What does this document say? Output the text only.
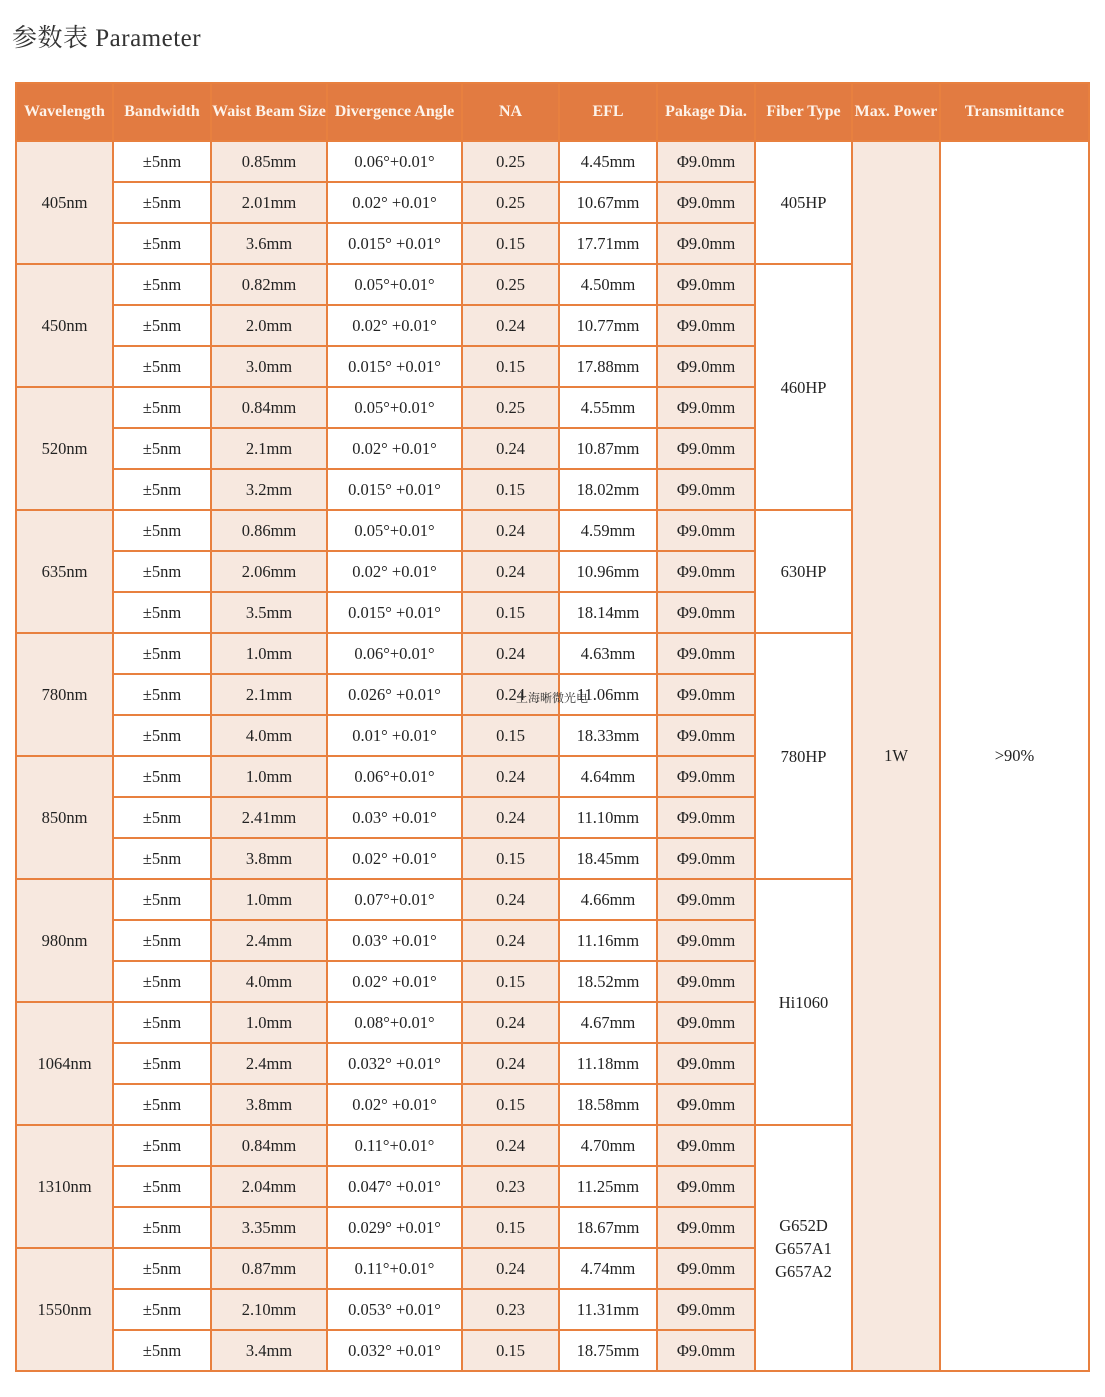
参数表 Parameter
Wavelength	Bandwidth	Waist Beam Size	Divergence Angle	NA	EFL	Pakage Dia.	Fiber Type	Max. Power	Transmittance
405nm	±5nm	0.85mm	0.06°+0.01°	0.25	4.45mm	Φ9.0mm	405HP	1W	>90%
	±5nm	2.01mm	0.02° +0.01°	0.25	10.67mm	Φ9.0mm			
	±5nm	3.6mm	0.015° +0.01°	0.15	17.71mm	Φ9.0mm			
450nm	±5nm	0.82mm	0.05°+0.01°	0.25	4.50mm	Φ9.0mm	460HP		

	±5nm	2.0mm	0.02° +0.01°	0.24	10.77mm	Φ9.0mm			
	±5nm	3.0mm	0.015° +0.01°	0.15	17.88mm	Φ9.0mm			
520nm	±5nm	0.84mm	0.05°+0.01°	0.25	4.55mm	Φ9.0mm			
	±5nm	2.1mm	0.02° +0.01°	0.24	10.87mm	Φ9.0mm			
	±5nm	3.2mm	0.015° +0.01°	0.15	18.02mm	Φ9.0mm			
635nm	±5nm	0.86mm	0.05°+0.01°	0.24	4.59mm	Φ9.0mm	630HP		

	±5nm	2.06mm	0.02° +0.01°	0.24	10.96mm	Φ9.0mm			
	±5nm	3.5mm	0.015° +0.01°	0.15	18.14mm	Φ9.0mm			
780nm	±5nm	1.0mm	0.06°+0.01°	0.24	4.63mm	Φ9.0mm	780HP		

	±5nm	2.1mm	0.026° +0.01°	0.24	11.06mm	Φ9.0mm			
	±5nm	4.0mm	0.01° +0.01°	0.15	18.33mm	Φ9.0mm			
850nm	±5nm	1.0mm	0.06°+0.01°	0.24	4.64mm	Φ9.0mm			
	±5nm	2.41mm	0.03° +0.01°	0.24	11.10mm	Φ9.0mm			
	±5nm	3.8mm	0.02° +0.01°	0.15	18.45mm	Φ9.0mm			
980nm	±5nm	1.0mm	0.07°+0.01°	0.24	4.66mm	Φ9.0mm	Hi1060		

	±5nm	2.4mm	0.03° +0.01°	0.24	11.16mm	Φ9.0mm			
	±5nm	4.0mm	0.02° +0.01°	0.15	18.52mm	Φ9.0mm			
1064nm	±5nm	1.0mm	0.08°+0.01°	0.24	4.67mm	Φ9.0mm			
	±5nm	2.4mm	0.032° +0.01°	0.24	11.18mm	Φ9.0mm			
	±5nm	3.8mm	0.02° +0.01°	0.15	18.58mm	Φ9.0mm			
1310nm	±5nm	0.84mm	0.11°+0.01°	0.24	4.70mm	Φ9.0mm	G652D
G657A1
G657A2		

	±5nm	2.04mm	0.047° +0.01°	0.23	11.25mm	Φ9.0mm			
	±5nm	3.35mm	0.029° +0.01°	0.15	18.67mm	Φ9.0mm			
1550nm	±5nm	0.87mm	0.11°+0.01°	0.24	4.74mm	Φ9.0mm			
	±5nm	2.10mm	0.053° +0.01°	0.23	11.31mm	Φ9.0mm			
	±5nm	3.4mm	0.032° +0.01°	0.15	18.75mm	Φ9.0mm			
上海晰微光电
